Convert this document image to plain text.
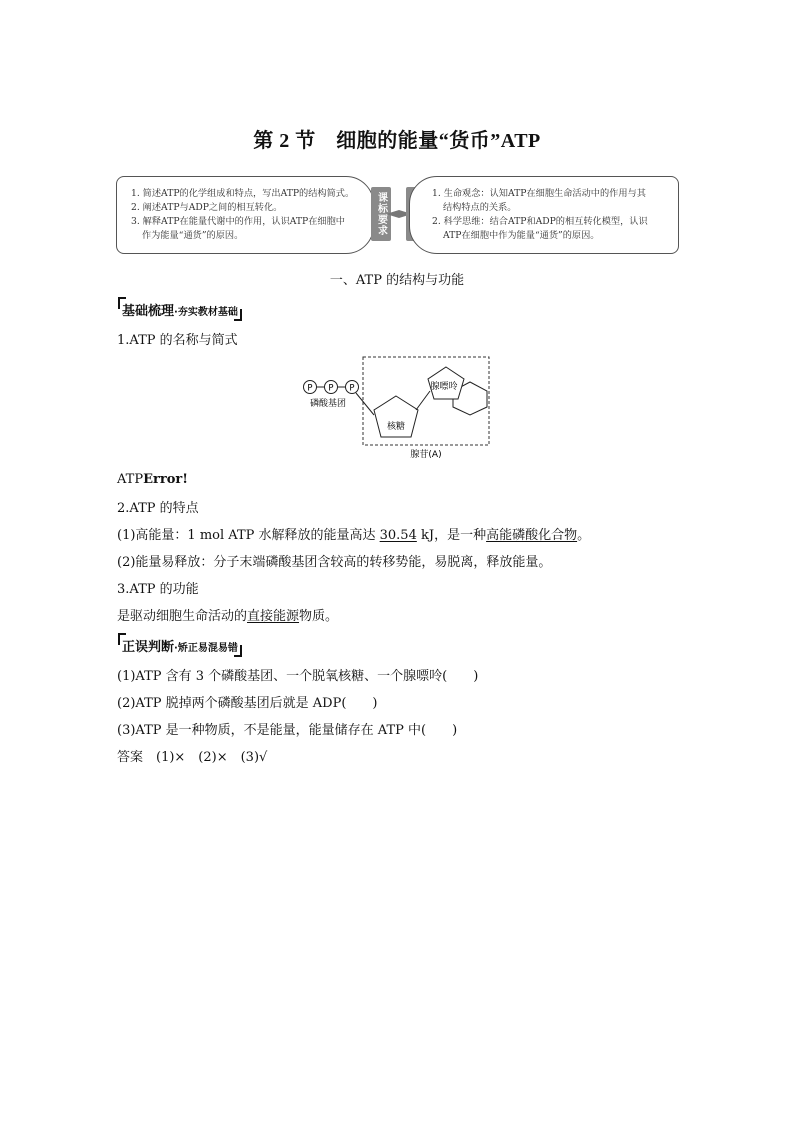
第 2 节　细胞的能量“货币”ATP
1. 简述ATP的化学组成和特点，写出ATP的结构简式。
2. 阐述ATP与ADP之间的相互转化。
3. 解释ATP在能量代谢中的作用，认识ATP在细胞中
作为能量“通货”的原因。	课标要求	1. 生命观念：认知ATP在细胞生命活动中的作用与其
结构特点的关系。
2. 科学思维：结合ATP和ADP的相互转化模型，认识
ATP在细胞中作为能量“通货”的原因。
一、ATP 的结构与功能
基础梳理·夯实教材基础
1.ATP 的名称与简式
P P P
磷酸基团
核糖
腺嘌呤
腺苷(A)
ATPError!
2.ATP 的特点
(1)高能量：1 mol ATP 水解释放的能量高达 30.54 kJ，是一种高能磷酸化合物。
(2)能量易释放：分子末端磷酸基团含较高的转移势能，易脱离，释放能量。
3.ATP 的功能
是驱动细胞生命活动的直接能源物质。
正误判断·矫正易混易错
(1)ATP 含有 3 个磷酸基团、一个脱氧核糖、一个腺嘌呤(　　)
(2)ATP 脱掉两个磷酸基团后就是 ADP(　　)
(3)ATP 是一种物质，不是能量，能量储存在 ATP 中(　　)
答案　(1)×　(2)×　(3)√
